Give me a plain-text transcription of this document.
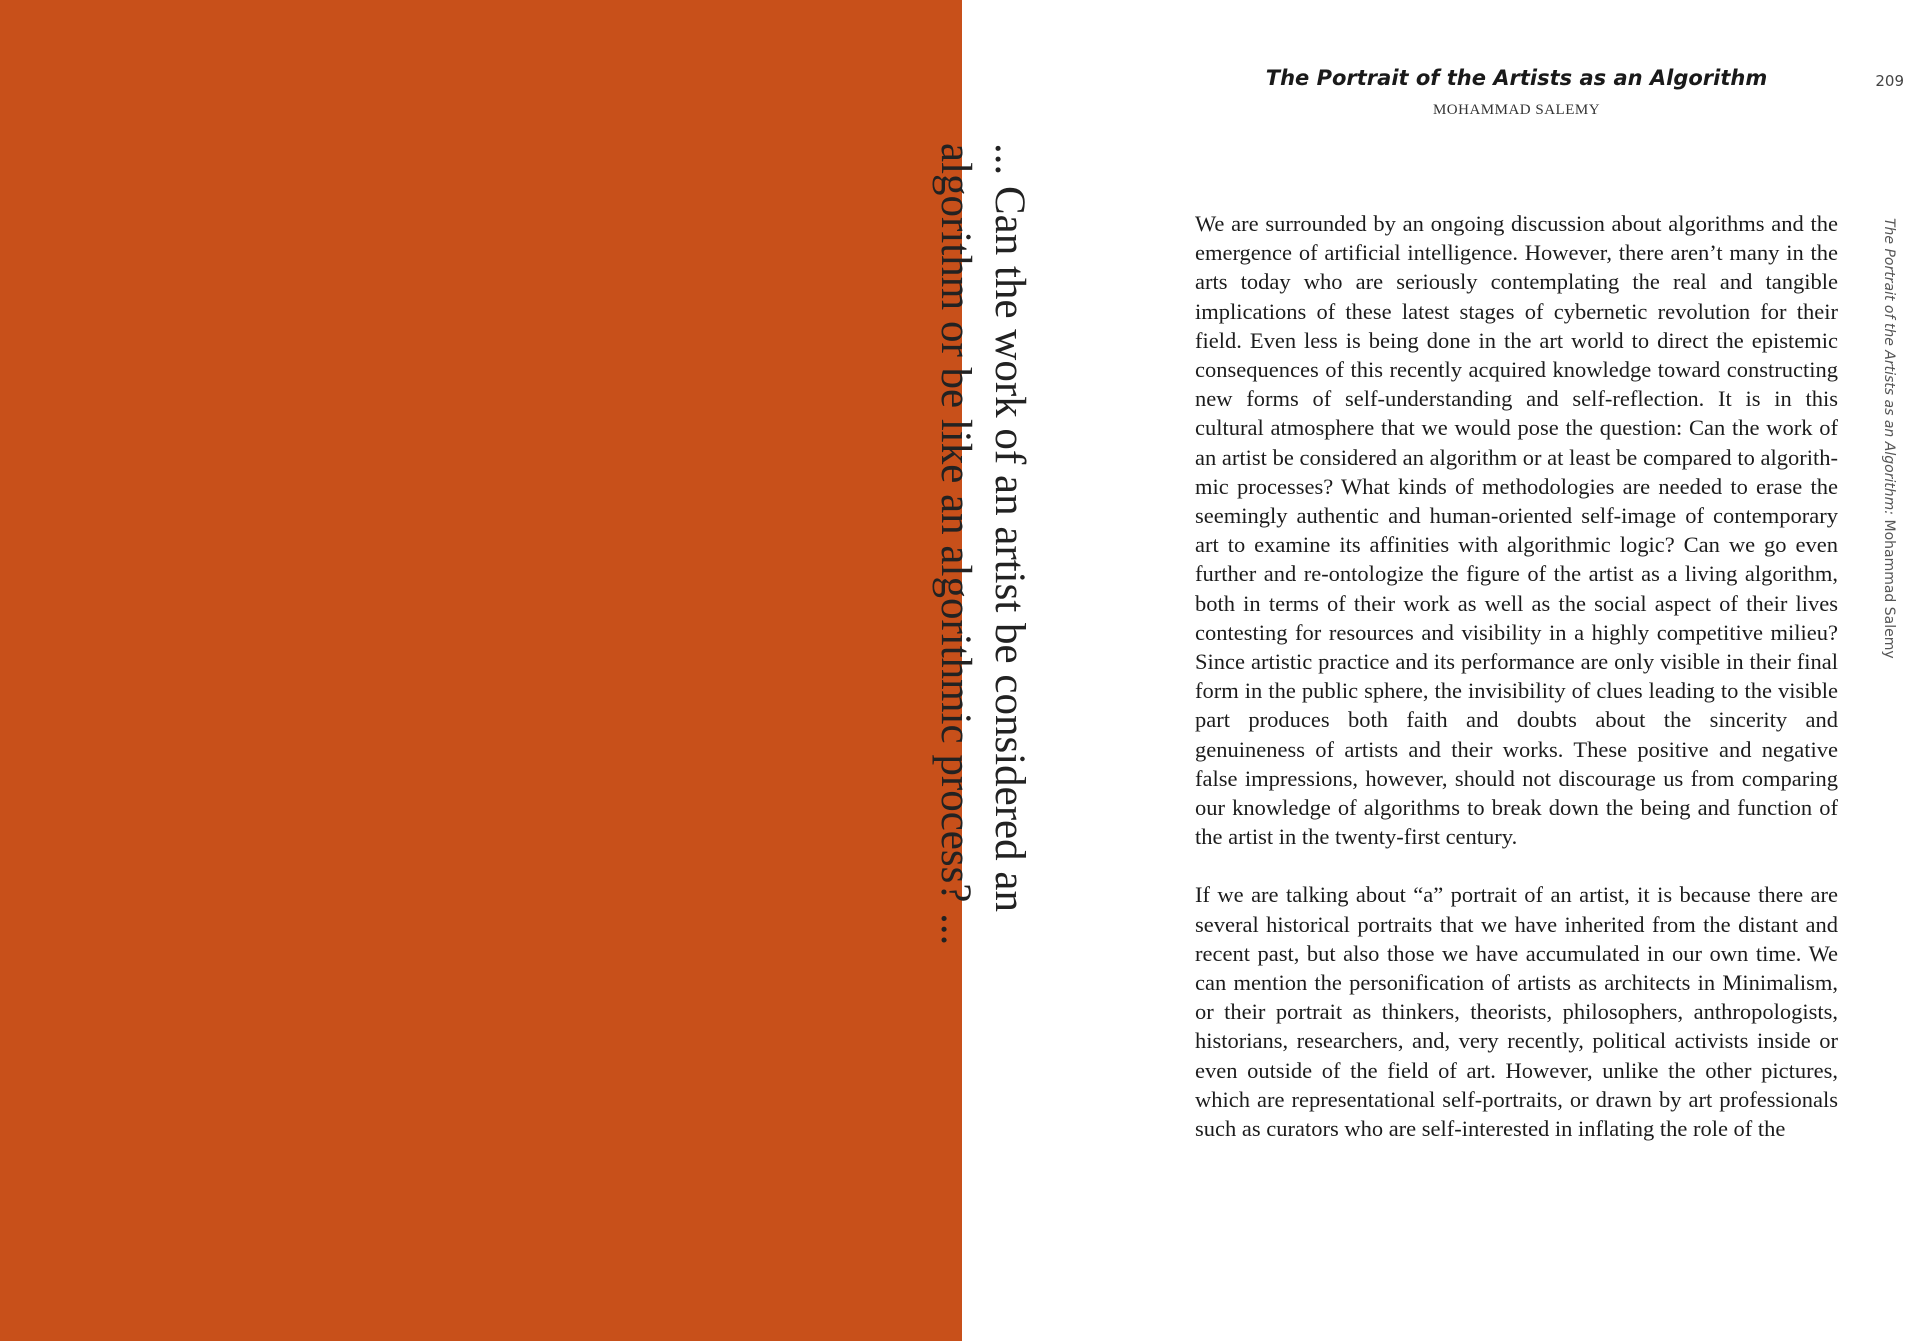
The Portrait of the Artists as an Algorithm
MOHAMMAD SALEMY
209
... Can the work of an artist be considered an
algorithm or be like an algorithmic process? ...	The Portrait of the Artists as an Algorithm: Mohammad Salemy

We are surrounded by an ongoing discussion about algorithms and the emergence of artificial intelligence. However, there aren’t many in the arts today who are seriously contemplating the real and tangible implications of these latest stages of cybernetic revolution for their field. Even less is being done in the art world to direct the epistemic consequences of this recently acquired knowledge toward constructing new forms of self-understanding and self-reflection. It is in this cultural atmosphere that we would pose the question: Can the work of an artist be considered an algorithm or at least be compared to algorithmic processes? What kinds of methodologies are needed to erase the seemingly authentic and human-oriented self-image of contemporary art to examine its affinities with algorithmic logic? Can we go even further and re-ontologize the figure of the artist as a living algorithm, both in terms of their work as well as the social aspect of their lives contesting for resources and visibility in a highly competitive milieu? Since artistic practice and its performance are only visible in their final form in the public sphere, the invisibility of clues leading to the visible part produces both faith and doubts about the sincerity and genuineness of artists and their works. These positive and negative false impressions, however, should not discourage us from comparing our knowledge of algorithms to break down the being and function of the artist in the twenty-first century.

If we are talking about “a” portrait of an artist, it is because there are several historical portraits that we have inherited from the distant and recent past, but also those we have accumulated in our own time. We can mention the personification of artists as architects in Minimalism, or their portrait as thinkers, theorists, philosophers, anthropologists, historians, researchers, and, very recently, political activists inside or even outside of the field of art. However, unlike the other pictures, which are representational self-portraits, or drawn by art professionals such as curators who are self-interested in inflating the role of the
